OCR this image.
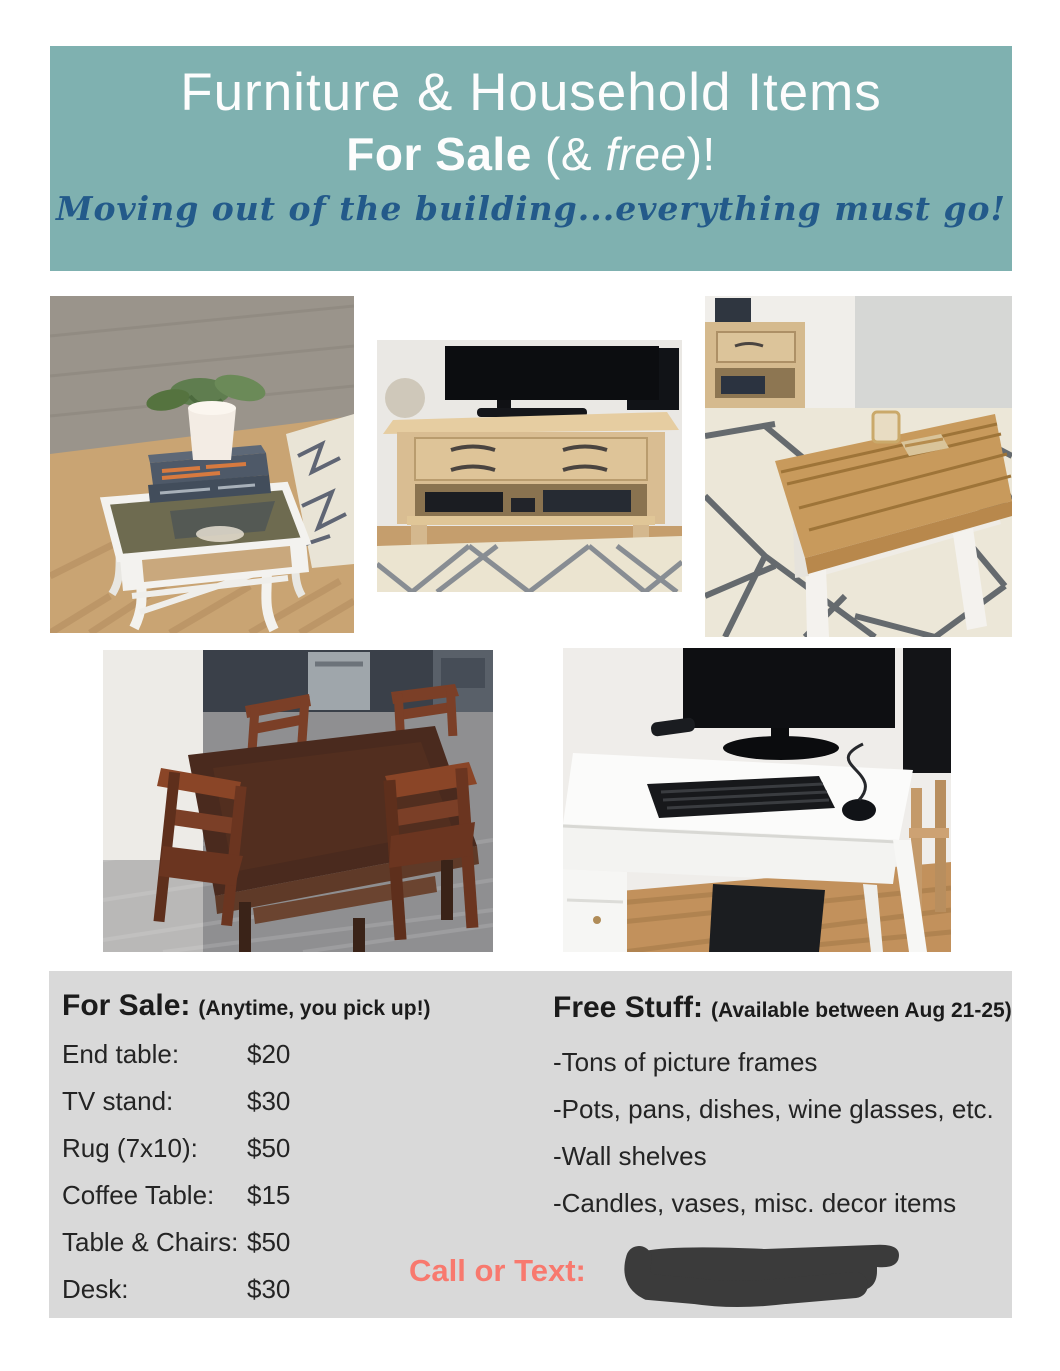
Furniture & Household Items
For Sale (& free)!
Moving out of the building...everything must go!
For Sale: (Anytime, you pick up!)
End table:	$20
TV stand:	$30
Rug (7x10): $50
Coffee Table: $15
Table & Chairs: $50
Desk:	$30
Free Stuff: (Available between Aug 21-25)
-Tons of picture frames
-Pots, pans, dishes, wine glasses, etc.
-Wall shelves
-Candles, vases, misc. decor items
Call or Text:
